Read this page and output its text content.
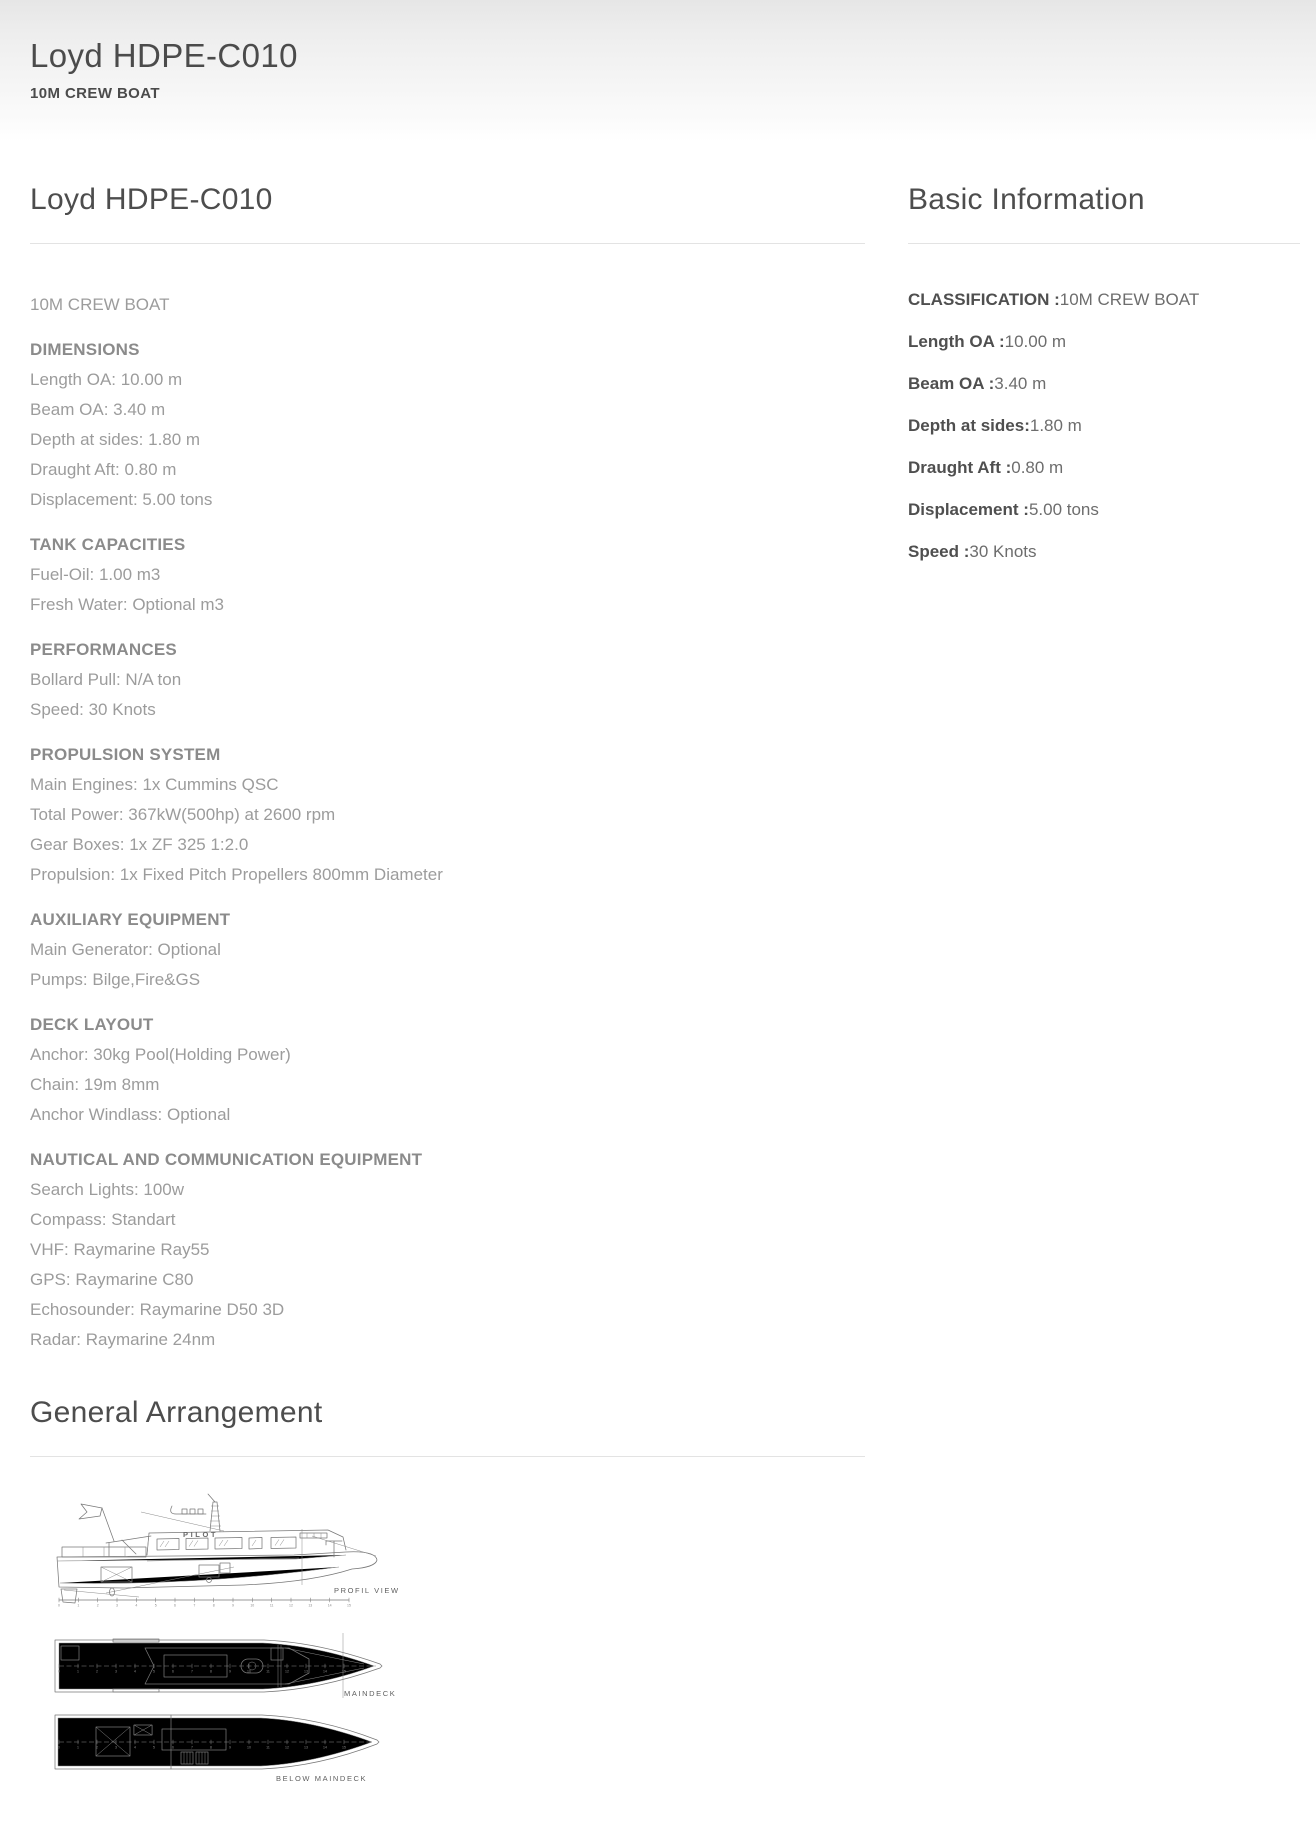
Loyd HDPE-C010
10M CREW BOAT
Loyd HDPE-C010

10M CREW BOAT

DIMENSIONS

Length OA: 10.00 m

Beam OA: 3.40 m

Depth at sides: 1.80 m

Draught Aft: 0.80 m

Displacement: 5.00 tons

TANK CAPACITIES

Fuel-Oil: 1.00 m3

Fresh Water: Optional m3

PERFORMANCES

Bollard Pull: N/A ton

Speed: 30 Knots

PROPULSION SYSTEM

Main Engines: 1x Cummins QSC

Total Power: 367kW(500hp) at 2600 rpm

Gear Boxes: 1x ZF 325 1:2.0

Propulsion: 1x Fixed Pitch Propellers 800mm Diameter

AUXILIARY EQUIPMENT

Main Generator: Optional

Pumps: Bilge,Fire&GS

DECK LAYOUT

Anchor: 30kg Pool(Holding Power)

Chain: 19m 8mm

Anchor Windlass: Optional

NAUTICAL AND COMMUNICATION EQUIPMENT

Search Lights: 100w

Compass: Standart

VHF: Raymarine Ray55

GPS: Raymarine C80

Echosounder: Raymarine D50 3D

Radar: Raymarine 24nm

General Arrangement
PILOT
0	1	2	3	4	5	6	7	8	9	10	11	12	13	14	15
PROFIL VIEW
0	1	2	3	4	5	6	7	8	9	10	11	12	13	14	15
MAINDECK
0	1	2	3	4	5	6	7	8	9	10	11	12	13	14	15
BELOW MAINDECK
Basic Information

CLASSIFICATION :10M CREW BOAT

Length OA :10.00 m

Beam OA :3.40 m

Depth at sides:1.80 m

Draught Aft :0.80 m

Displacement :5.00 tons

Speed :30 Knots
